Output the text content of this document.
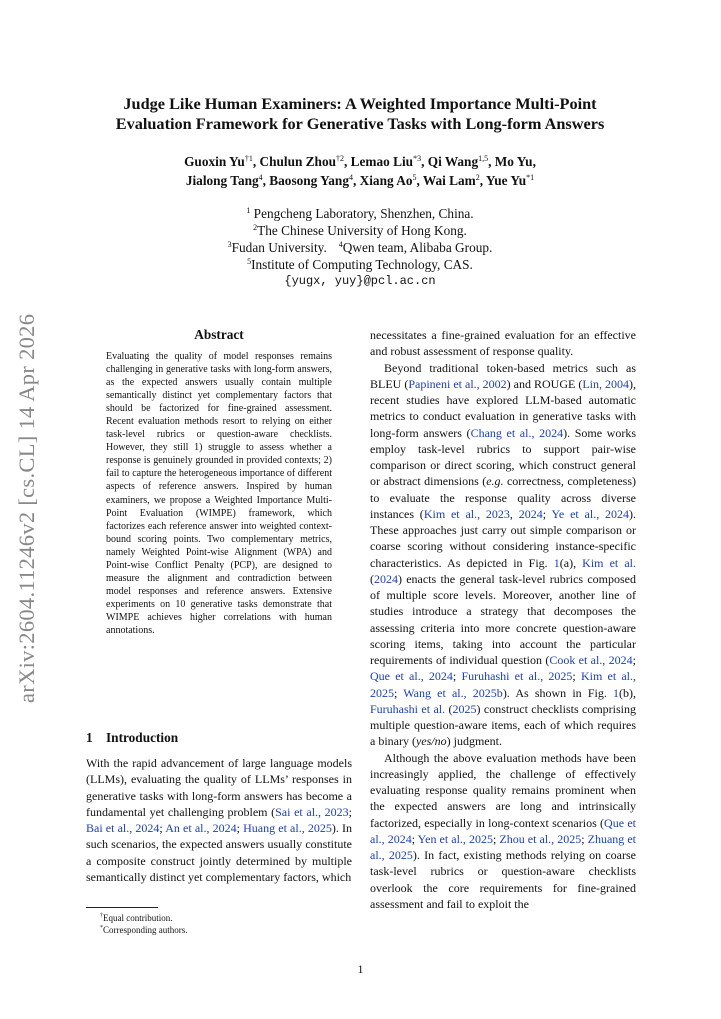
arXiv:2604.11246v2 [cs.CL] 14 Apr 2026
Judge Like Human Examiners: A Weighted Importance Multi-Point
Evaluation Framework for Generative Tasks with Long-form Answers
Guoxin Yu$^{\dagger 1}$, Chulun Zhou$^{\dagger 2}$, Lemao Liu$^{*3}$, Qi Wang$^{1,5}$, Mo Yu,
Jialong Tang$^4$, Baosong Yang$^4$, Xiang Ao$^5$, Wai Lam$^2$, Yue Yu$^{*1}$
$^1$ Pengcheng Laboratory, Shenzhen, China.
$^2$The Chinese University of Hong Kong.
$^3$Fudan University. $^4$Qwen team, Alibaba Group.
$^5$Institute of Computing Technology, CAS.
{yugx, yuy}@pcl.ac.cn
Abstract

Evaluating the quality of model responses remains challenging in generative tasks with long-form answers, as the expected answers usually contain multiple semantically distinct yet complementary factors that should be factorized for fine-grained assessment. Recent evaluation methods resort to relying on either task-level rubrics or question-aware checklists. However, they still 1) struggle to assess whether a response is genuinely grounded in provided contexts; 2) fail to capture the heterogeneous importance of different aspects of reference answers. Inspired by human examiners, we propose a Weighted Importance Multi-Point Evaluation (WIMPE) framework, which factorizes each reference answer into weighted context-bound scoring points. Two complementary metrics, namely Weighted Point-wise Alignment (WPA) and Point-wise Conflict Penalty (PCP), are designed to measure the alignment and contradiction between model responses and reference answers. Extensive experiments on 10 generative tasks demonstrate that WIMPE achieves higher correlations with human annotations.

1 Introduction

With the rapid advancement of large language models (LLMs), evaluating the quality of LLMs’ responses in generative tasks with long-form answers has become a fundamental yet challenging problem (Sai et al., 2023; Bai et al., 2024; An et al., 2024; Huang et al., 2025). In such scenarios, the expected answers usually constitute a composite construct jointly determined by multiple semantically distinct yet complementary factors, which

necessitates a fine-grained evaluation for an effective and robust assessment of response quality.

Beyond traditional token-based metrics such as BLEU (Papineni et al., 2002) and ROUGE (Lin, 2004), recent studies have explored LLM-based automatic metrics to conduct evaluation in generative tasks with long-form answers (Chang et al., 2024). Some works employ task-level rubrics to support pair-wise comparison or direct scoring, which construct general or abstract dimensions (e.g. correctness, completeness) to evaluate the response quality across diverse instances (Kim et al., 2023, 2024; Ye et al., 2024). These approaches just carry out simple comparison or coarse scoring without considering instance-specific characteristics. As depicted in Fig. 1(a), Kim et al. (2024) enacts the general task-level rubrics composed of multiple score levels. Moreover, another line of studies introduce a strategy that decomposes the assessing criteria into more concrete question-aware scoring items, taking into account the particular requirements of individual question (Cook et al., 2024; Que et al., 2024; Furuhashi et al., 2025; Kim et al., 2025; Wang et al., 2025b). As shown in Fig. 1(b), Furuhashi et al. (2025) construct checklists comprising multiple question-aware items, each of which requires a binary (yes/no) judgment.

Although the above evaluation methods have been increasingly applied, the challenge of effectively evaluating response quality remains prominent when the expected answers are long and intrinsically factorized, especially in long-context scenarios (Que et al., 2024; Yen et al., 2025; Zhou et al., 2025; Zhuang et al., 2025). In fact, existing methods relying on coarse task-level rubrics or question-aware checklists overlook the core requirements for fine-grained assessment and fail to exploit the

†Equal contribution.
*Corresponding authors.
1
